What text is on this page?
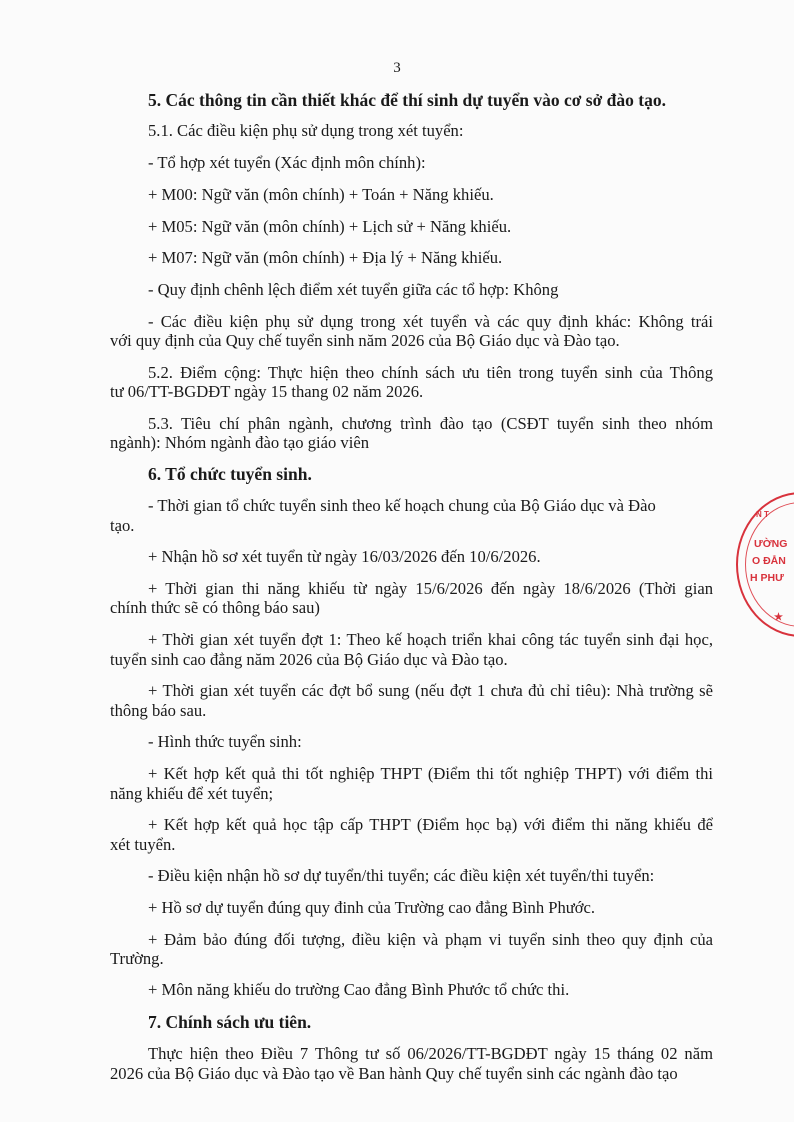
3
5. Các thông tin cần thiết khác để thí sinh dự tuyển vào cơ sở đào tạo.
5.1. Các điều kiện phụ sử dụng trong xét tuyển:
- Tổ hợp xét tuyển (Xác định môn chính):
+ M00: Ngữ văn (môn chính) + Toán + Năng khiếu.
+ M05: Ngữ văn (môn chính) + Lịch sử + Năng khiếu.
+ M07: Ngữ văn (môn chính) + Địa lý + Năng khiếu.
- Quy định chênh lệch điểm xét tuyển giữa các tổ hợp: Không
- Các điều kiện phụ sử dụng trong xét tuyển và các quy định khác: Không trái
với quy định của Quy chế tuyển sinh năm 2026 của Bộ Giáo dục và Đào tạo.
5.2. Điểm cộng: Thực hiện theo chính sách ưu tiên trong tuyển sinh của Thông
tư 06/TT-BGDĐT ngày 15 thang 02 năm 2026.
5.3. Tiêu chí phân ngành, chương trình đào tạo (CSĐT tuyển sinh theo nhóm
ngành): Nhóm ngành đào tạo giáo viên
6. Tổ chức tuyển sinh.
- Thời gian tổ chức tuyển sinh theo kế hoạch chung của Bộ Giáo dục và Đào
tạo.
+ Nhận hồ sơ xét tuyển từ ngày 16/03/2026 đến 10/6/2026.
+ Thời gian thi năng khiếu từ ngày 15/6/2026 đến ngày 18/6/2026 (Thời gian
chính thức sẽ có thông báo sau)
+ Thời gian xét tuyển đợt 1: Theo kế hoạch triển khai công tác tuyển sinh đại học,
tuyển sinh cao đẳng năm 2026 của Bộ Giáo dục và Đào tạo.
+ Thời gian xét tuyển các đợt bổ sung (nếu đợt 1 chưa đủ chỉ tiêu): Nhà trường sẽ
thông báo sau.
- Hình thức tuyển sinh:
+ Kết hợp kết quả thi tốt nghiệp THPT (Điểm thi tốt nghiệp THPT) với điểm thi
năng khiếu để xét tuyển;
+ Kết hợp kết quả học tập cấp THPT (Điểm học bạ) với điểm thi năng khiếu để
xét tuyển.
- Điều kiện nhận hồ sơ dự tuyển/thi tuyển; các điều kiện xét tuyển/thi tuyển:
+ Hồ sơ dự tuyển đúng quy đinh của Trường cao đẳng Bình Phước.
+ Đảm bảo đúng đối tượng, điều kiện và phạm vi tuyển sinh theo quy định của
Trường.
+ Môn năng khiếu do trường Cao đẳng Bình Phước tổ chức thi.
7. Chính sách ưu tiên.
Thực hiện theo Điều 7 Thông tư số 06/2026/TT-BGDĐT ngày 15 tháng 02 năm
2026 của Bộ Giáo dục và Đào tạo về Ban hành Quy chế tuyển sinh các ngành đào tạo
N T
ƯỜNG
O ĐẲN
H PHƯ
★
